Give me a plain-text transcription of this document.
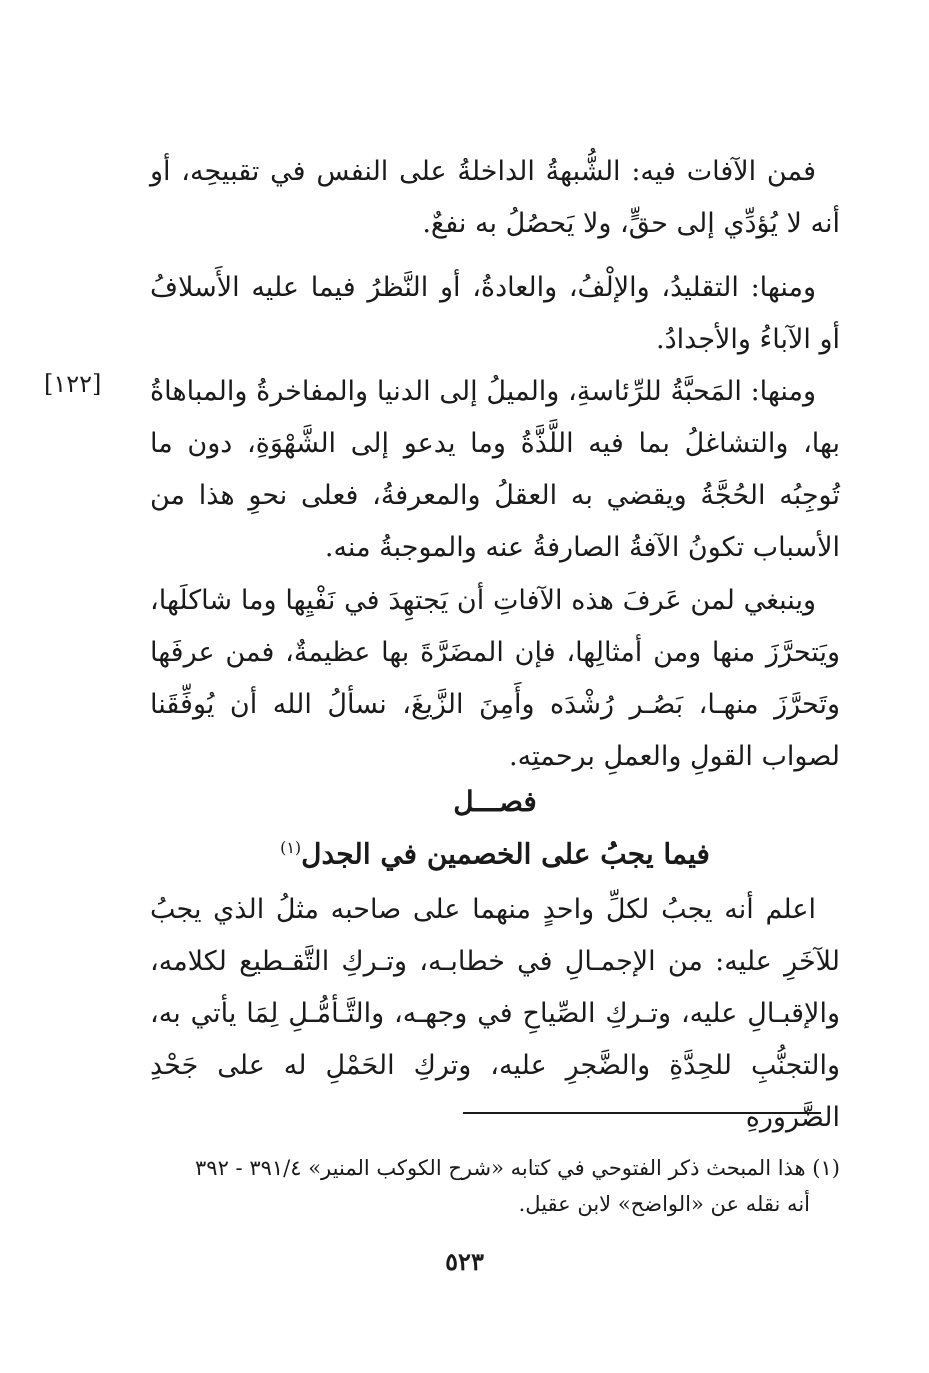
[١٢٢]

فمن الآفات فيه: الشُّبهةُ الداخلةُ على النفس في تقبيحِه، أو أنه لا يُؤدِّي إلى حقٍّ، ولا يَحصُلُ به نفعٌ.

ومنها: التقليدُ، والإلْفُ، والعادةُ، أو النَّظرُ فيما عليه الأَسلافُ أو الآباءُ والأجدادُ.

ومنها: المَحبَّةُ للرِّئاسةِ، والميلُ إلى الدنيا والمفاخرةُ والمباهاةُ بها، والتشاغلُ بما فيه اللَّذَّةُ وما يدعو إلى الشَّهْوَةِ، دون ما تُوجِبُه الحُجَّةُ ويقضي به العقلُ والمعرفةُ، فعلى نحوِ هذا من الأسباب تكونُ الآفةُ الصارفةُ عنه والموجبةُ منه.

وينبغي لمن عَرفَ هذه الآفاتِ أن يَجتهِدَ في نَفْيِها وما شاكلَها، ويَتحرَّزَ منها ومن أمثالِها، فإن المضَرَّةَ بها عظيمةٌ، فمن عرفَها وتَحرَّزَ منهـا، بَصُـر رُشْدَه وأَمِنَ الزَّيغَ، نسألُ الله أن يُوفِّقَنا لصواب القولِ والعملِ برحمتِه.

فصـــل
فيما يجبُ على الخصمين في الجدل$^{(١)}$

اعلم أنه يجبُ لكلِّ واحدٍ منهما على صاحبه مثلُ الذي يجبُ للآخَرِ عليه: من الإجمـالِ في خطابـه، وتـركِ التَّقـطيع لكلامه، والإقبـالِ عليه، وتـركِ الصِّياحِ في وجهـه، والتَّـأمُّـلِ لِمَا يأتي به، والتجنُّبِ للحِدَّةِ والضَّجرِ عليه، وتركِ الحَمْلِ له على جَحْدِ الضَّرورةِ

(١) هذا المبحث ذكر الفتوحي في كتابه «شرح الكوكب المنير» ٣٩١/٤ - ٣٩٢
أنه نقله عن «الواضح» لابن عقيل.
٥٢٣
